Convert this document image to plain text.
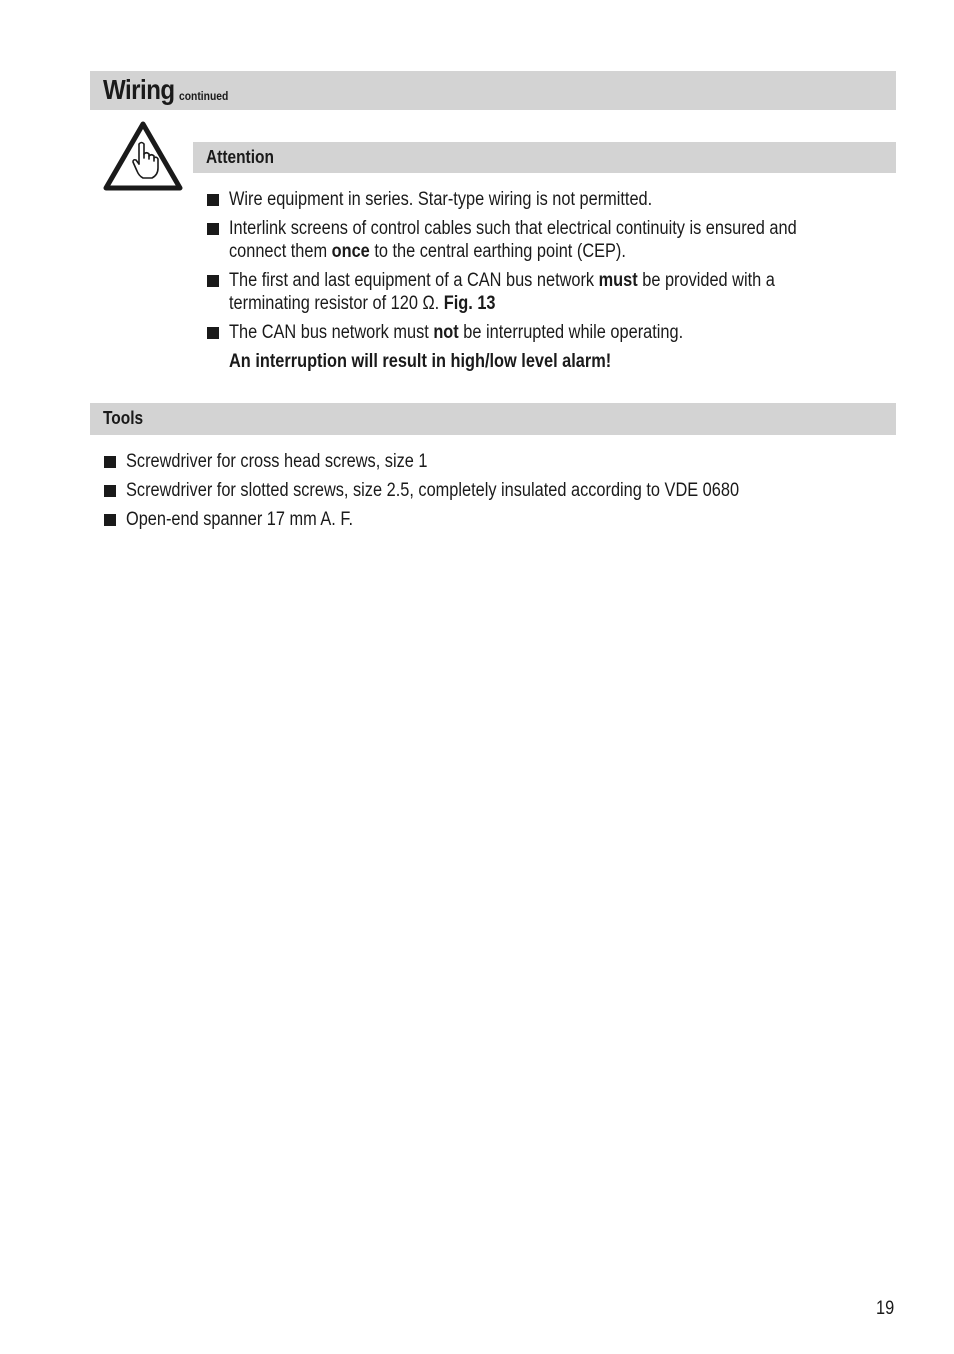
Wiring continued
Attention
Wire equipment in series. Star-type wiring is not permitted.
Interlink screens of control cables such that electrical continuity is ensured and
connect them once to the central earthing point (CEP).
The first and last equipment of a CAN bus network must be provided with a
terminating resistor of 120 Ω. Fig. 13
The CAN bus network must not be interrupted while operating.
An interruption will result in high/low level alarm!
Tools
Screwdriver for cross head screws, size 1
Screwdriver for slotted screws, size 2.5, completely insulated according to VDE 0680
Open-end spanner 17 mm A. F.
19
